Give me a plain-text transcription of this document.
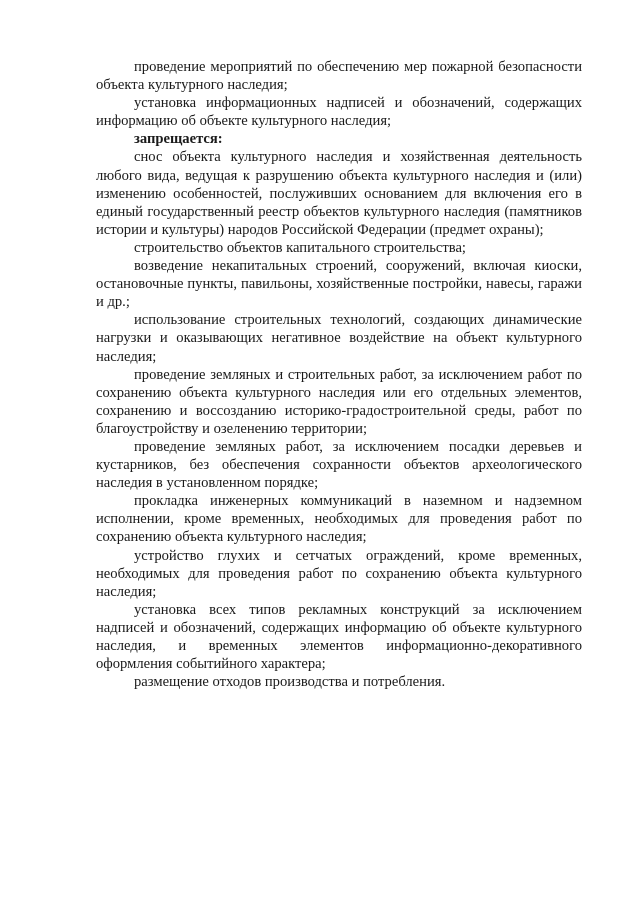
проведение мероприятий по обеспечению мер пожарной безопасности объекта культурного наследия;

установка информационных надписей и обозначений, содержащих информацию об объекте культурного наследия;

запрещается:

снос объекта культурного наследия и хозяйственная деятельность любого вида, ведущая к разрушению объекта культурного наследия и (или) изменению особенностей, послуживших основанием для включения его в единый государственный реестр объектов культурного наследия (памятников истории и культуры) народов Российской Федерации (предмет охраны);

строительство объектов капитального строительства;

возведение некапитальных строений, сооружений, включая киоски, остановочные пункты, павильоны, хозяйственные постройки, навесы, гаражи и др.;

использование строительных технологий, создающих динамические нагрузки и оказывающих негативное воздействие на объект культурного наследия;

проведение земляных и строительных работ, за исключением работ по сохранению объекта культурного наследия или его отдельных элементов, сохранению и воссозданию историко-градостроительной среды, работ по благоустройству и озеленению территории;

проведение земляных работ, за исключением посадки деревьев и кустарников, без обеспечения сохранности объектов археологического наследия в установленном порядке;

прокладка инженерных коммуникаций в наземном и надземном исполнении, кроме временных, необходимых для проведения работ по сохранению объекта культурного наследия;

устройство глухих и сетчатых ограждений, кроме временных, необходимых для проведения работ по сохранению объекта культурного наследия;

установка всех типов рекламных конструкций за исключением надписей и обозначений, содержащих информацию об объекте культурного наследия, и временных элементов информационно-декоративного оформления событийного характера;

размещение отходов производства и потребления.
